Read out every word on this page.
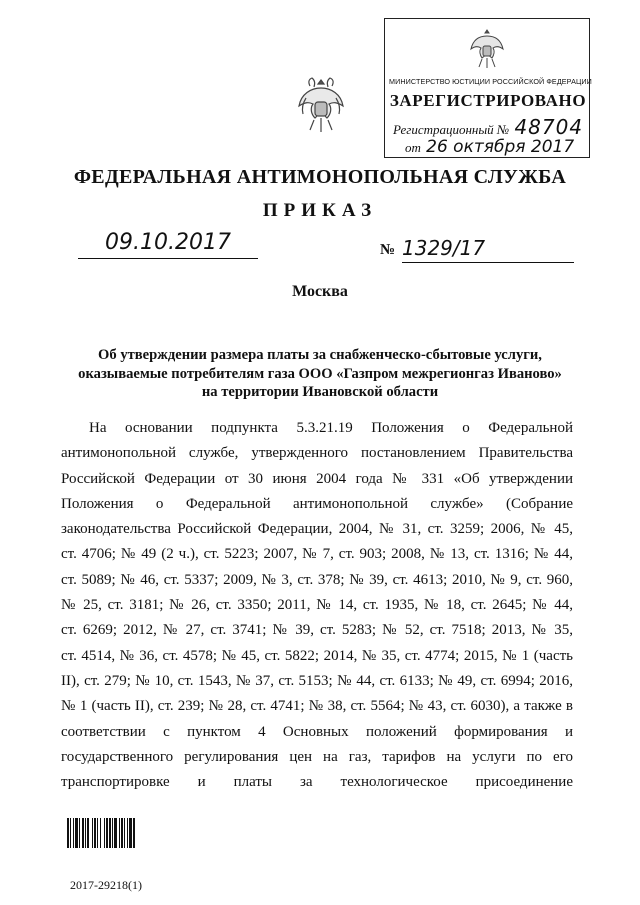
МИНИСТЕРСТВО ЮСТИЦИИ РОССИЙСКОЙ ФЕДЕРАЦИИ
ЗАРЕГИСТРИРОВАНО
Регистрационный № 48704
от 26 октября 2017
ФЕДЕРАЛЬНАЯ АНТИМОНОПОЛЬНАЯ СЛУЖБА
ПРИКАЗ
09.10.2017	№ 1329/17
Москва
Об утверждении размера платы за снабженческо-сбытовые услуги,
оказываемые потребителям газа ООО «Газпром межрегионгаз Иваново»
на территории Ивановской области
На основании подпункта 5.3.21.19 Положения о Федеральной
антимонопольной службе, утвержденного постановлением Правительства
Российской Федерации от 30 июня 2004 года № 331 «Об утверждении
Положения о Федеральной антимонопольной службе» (Собрание
законодательства Российской Федерации, 2004, № 31, ст. 3259; 2006, № 45,
ст. 4706; № 49 (2 ч.), ст. 5223; 2007, № 7, ст. 903; 2008, № 13, ст. 1316; № 44,
ст. 5089; № 46, ст. 5337; 2009, № 3, ст. 378; № 39, ст. 4613; 2010, № 9, ст. 960,
№ 25, ст. 3181; № 26, ст. 3350; 2011, № 14, ст. 1935, № 18, ст. 2645; № 44,
ст. 6269; 2012, № 27, ст. 3741; № 39, ст. 5283; № 52, ст. 7518; 2013, № 35,
ст. 4514, № 36, ст. 4578; № 45, ст. 5822; 2014, № 35, ст. 4774; 2015, № 1 (часть
II), ст. 279; № 10, ст. 1543, № 37, ст. 5153; № 44, ст. 6133; № 49, ст. 6994; 2016,
№ 1 (часть II), ст. 239; № 28, ст. 4741; № 38, ст. 5564; № 43, ст. 6030), а также в
соответствии с пунктом 4 Основных положений формирования и
государственного регулирования цен на газ, тарифов на услуги по его
транспортировке и платы за технологическое присоединение
2017-29218(1)
